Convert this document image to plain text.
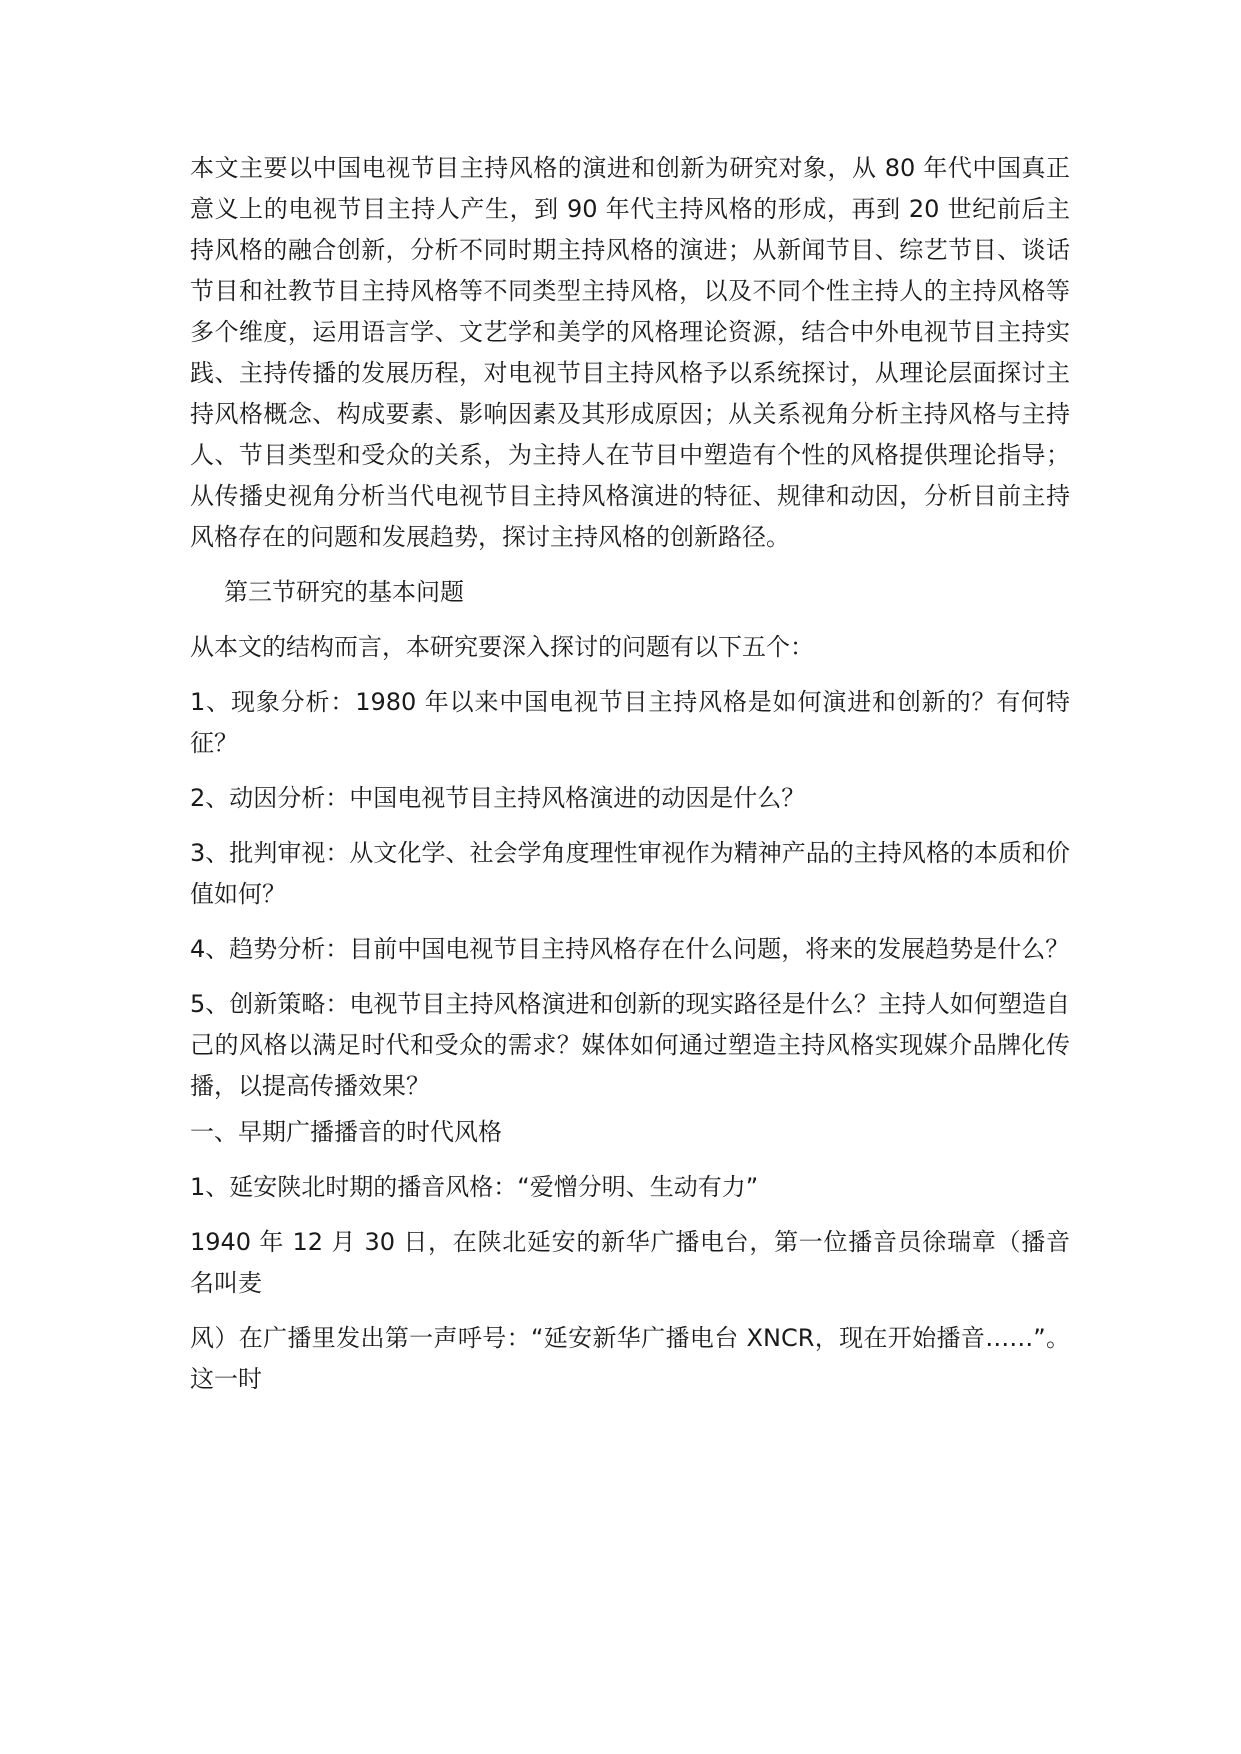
本文主要以中国电视节目主持风格的演进和创新为研究对象，从 80 年代中国真正意义上的电视节目主持人产生，到 90 年代主持风格的形成，再到 20 世纪前后主持风格的融合创新，分析不同时期主持风格的演进；从新闻节目、综艺节目、谈话节目和社教节目主持风格等不同类型主持风格，以及不同个性主持人的主持风格等多个维度，运用语言学、文艺学和美学的风格理论资源，结合中外电视节目主持实践、主持传播的发展历程，对电视节目主持风格予以系统探讨，从理论层面探讨主持风格概念、构成要素、影响因素及其形成原因；从关系视角分析主持风格与主持人、节目类型和受众的关系，为主持人在节目中塑造有个性的风格提供理论指导；从传播史视角分析当代电视节目主持风格演进的特征、规律和动因，分析目前主持风格存在的问题和发展趋势，探讨主持风格的创新路径。

第三节研究的基本问题

从本文的结构而言，本研究要深入探讨的问题有以下五个：

1、现象分析：1980 年以来中国电视节目主持风格是如何演进和创新的？有何特征？

2、动因分析：中国电视节目主持风格演进的动因是什么？

3、批判审视：从文化学、社会学角度理性审视作为精神产品的主持风格的本质和价值如何？

4、趋势分析：目前中国电视节目主持风格存在什么问题，将来的发展趋势是什么？

5、创新策略：电视节目主持风格演进和创新的现实路径是什么？主持人如何塑造自己的风格以满足时代和受众的需求？媒体如何通过塑造主持风格实现媒介品牌化传播，以提高传播效果？

一、早期广播播音的时代风格

1、延安陕北时期的播音风格：“爱憎分明、生动有力”

1940 年 12 月 30 日，在陕北延安的新华广播电台，第一位播音员徐瑞章（播音名叫麦

风）在广播里发出第一声呼号：“延安新华广播电台 XNCR，现在开始播音……”。这一时
